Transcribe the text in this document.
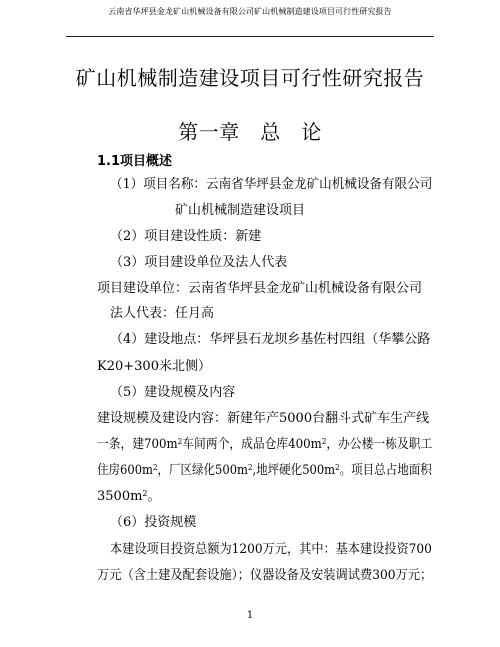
云南省华坪县金龙矿山机械设备有限公司矿山机械制造建设项目可行性研究报告
矿山机械制造建设项目可行性研究报告
第一章　总　论
1.1项目概述
（1）项目名称：云南省华坪县金龙矿山机械设备有限公司
矿山机械制造建设项目
（2）项目建设性质：新建
（3）项目建设单位及法人代表
项目建设单位：云南省华坪县金龙矿山机械设备有限公司
法人代表：任月高
（4）建设地点：华坪县石龙坝乡基佐村四组（华攀公路
K20+300米北侧）
（5）建设规模及内容
建设规模及建设内容：新建年产5000台翻斗式矿车生产线
一条，建$700m^2$车间两个，成品仓库$400m^2$，办公楼一栋及职工
住房$600m^2$，厂区绿化$500m^2$,地坪硬化$500m^2$。项目总占地面积
$3500m^2$。
（6）投资规模
本建设项目投资总额为1200万元，其中：基本建设投资700
万元（含土建及配套设施）；仪器设备及安装调试费300万元；
1
